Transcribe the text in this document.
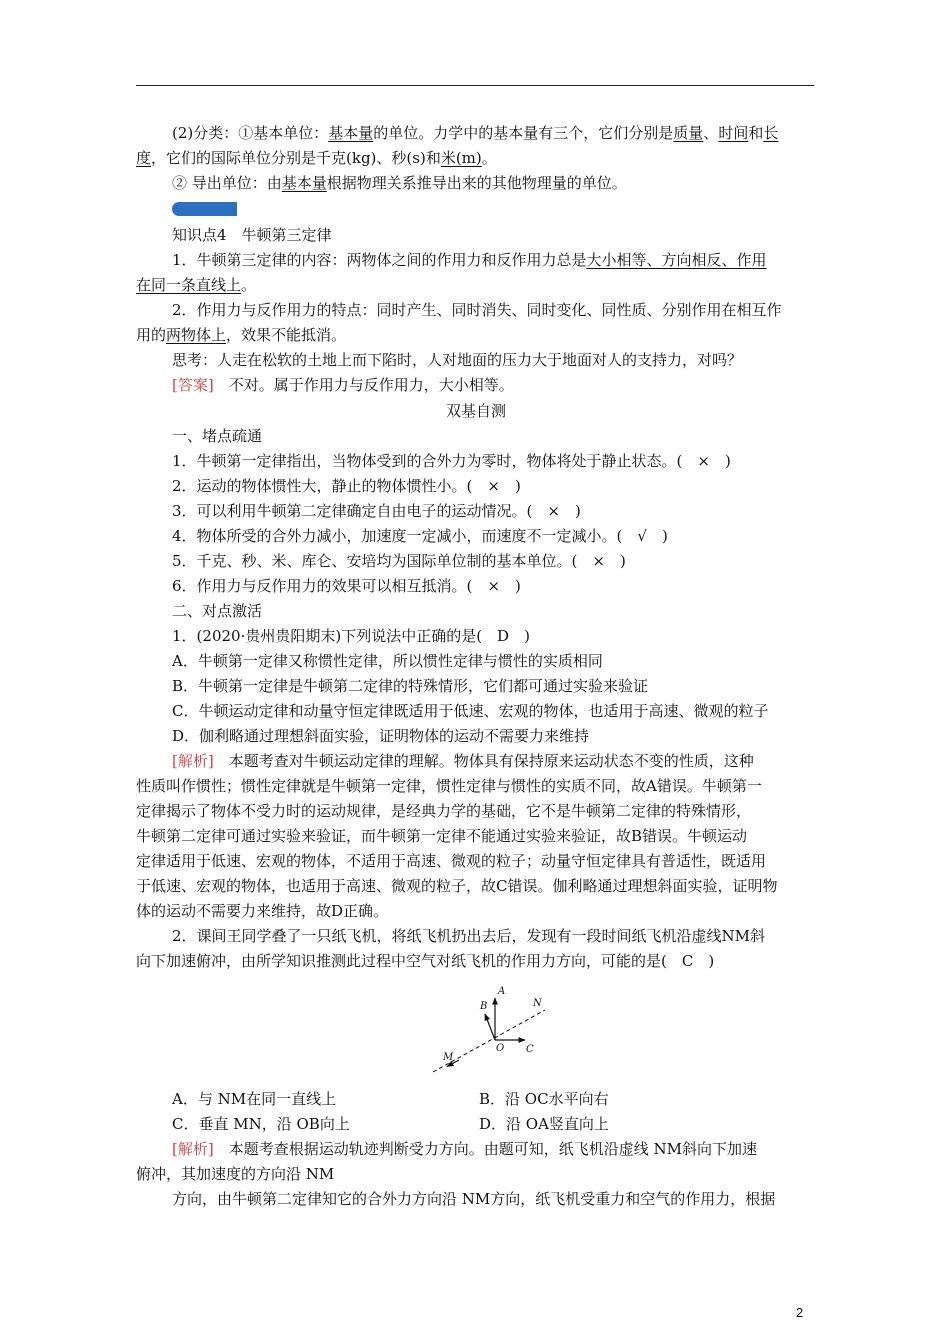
(2)分类：①基本单位：基本量的单位。力学中的基本量有三个，它们分别是质量、时间和长
度，它们的国际单位分别是千克(kg)、秒(s)和米(m)。
② 导出单位：由基本量根据物理关系推导出来的其他物理量的单位。
知识点4　牛顿第三定律
1．牛顿第三定律的内容：两物体之间的作用力和反作用力总是大小相等、方向相反、作用
在同一条直线上。
2．作用力与反作用力的特点：同时产生、同时消失、同时变化、同性质、分别作用在相互作
用的两物体上，效果不能抵消。
思考：人走在松软的土地上而下陷时，人对地面的压力大于地面对人的支持力，对吗？
[答案]　不对。属于作用力与反作用力，大小相等。
双基自测
一、堵点疏通
1．牛顿第一定律指出，当物体受到的合外力为零时，物体将处于静止状态。(　×　)
2．运动的物体惯性大，静止的物体惯性小。(　×　)
3．可以利用牛顿第二定律确定自由电子的运动情况。(　×　)
4．物体所受的合外力减小，加速度一定减小，而速度不一定减小。(　√　)
5．千克、秒、米、库仑、安培均为国际单位制的基本单位。(　×　)
6．作用力与反作用力的效果可以相互抵消。(　×　)
二、对点激活
1．(2020·贵州贵阳期末)下列说法中正确的是(　D　)
A．牛顿第一定律又称惯性定律，所以惯性定律与惯性的实质相同
B．牛顿第一定律是牛顿第二定律的特殊情形，它们都可通过实验来验证
C．牛顿运动定律和动量守恒定律既适用于低速、宏观的物体，也适用于高速、微观的粒子
D．伽利略通过理想斜面实验，证明物体的运动不需要力来维持
[解析]　本题考查对牛顿运动定律的理解。物体具有保持原来运动状态不变的性质，这种
性质叫作惯性；惯性定律就是牛顿第一定律，惯性定律与惯性的实质不同，故A错误。牛顿第一
定律揭示了物体不受力时的运动规律，是经典力学的基础，它不是牛顿第二定律的特殊情形，
牛顿第二定律可通过实验来验证，而牛顿第一定律不能通过实验来验证，故B错误。牛顿运动
定律适用于低速、宏观的物体，不适用于高速、微观的粒子；动量守恒定律具有普适性，既适用
于低速、宏观的物体，也适用于高速、微观的粒子，故C错误。伽利略通过理想斜面实验，证明物
体的运动不需要力来维持，故D正确。
2．课间王同学叠了一只纸飞机，将纸飞机扔出去后，发现有一段时间纸飞机沿虚线NM斜
向下加速俯冲，由所学知识推测此过程中空气对纸飞机的作用力方向，可能的是(　C　)
A
B	N
M
O C
A．与 NM在同一直线上	B．沿 OC水平向右
C．垂直 MN，沿 OB向上	D．沿 OA竖直向上
[解析]　本题考查根据运动轨迹判断受力方向。由题可知，纸飞机沿虚线 NM斜向下加速
俯冲，其加速度的方向沿 NM
方向，由牛顿第二定律知它的合外力方向沿 NM方向，纸飞机受重力和空气的作用力，根据
2
